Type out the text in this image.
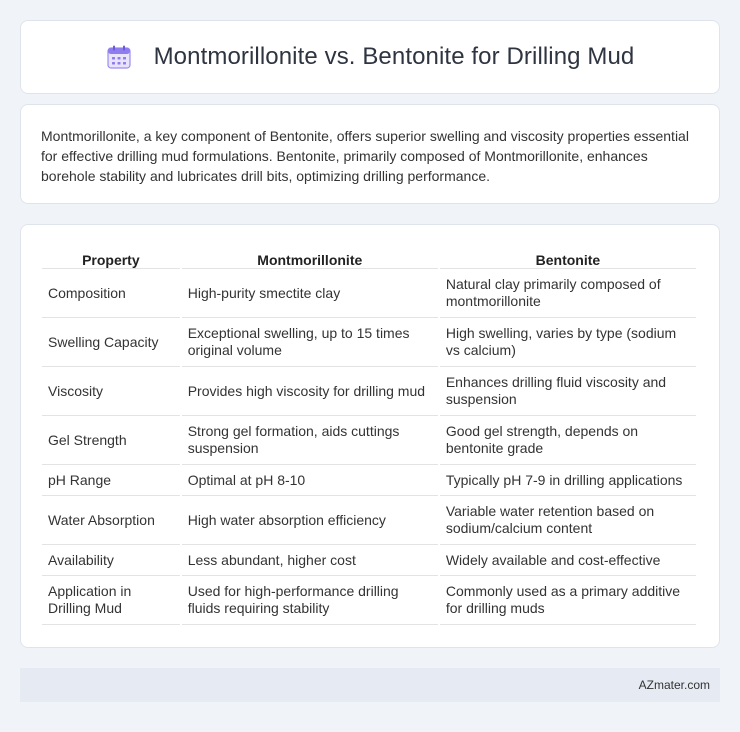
Montmorillonite vs. Bentonite for Drilling Mud

Montmorillonite, a key component of Bentonite, offers superior swelling and viscosity properties essential for effective drilling mud formulations. Bentonite, primarily composed of Montmorillonite, enhances borehole stability and lubricates drill bits, optimizing drilling performance.

Property	Montmorillonite	Bentonite
Composition	High-purity smectite clay	Natural clay primarily composed of montmorillonite
Swelling Capacity	Exceptional swelling, up to 15 times original volume	High swelling, varies by type (sodium vs calcium)
Viscosity	Provides high viscosity for drilling mud	Enhances drilling fluid viscosity and suspension
Gel Strength	Strong gel formation, aids cuttings suspension	Good gel strength, depends on bentonite grade
pH Range	Optimal at pH 8-10	Typically pH 7-9 in drilling applications
Water Absorption	High water absorption efficiency	Variable water retention based on sodium/calcium content
Availability	Less abundant, higher cost	Widely available and cost-effective
Application in Drilling Mud	Used for high-performance drilling fluids requiring stability	Commonly used as a primary additive for drilling muds
AZmater.com
